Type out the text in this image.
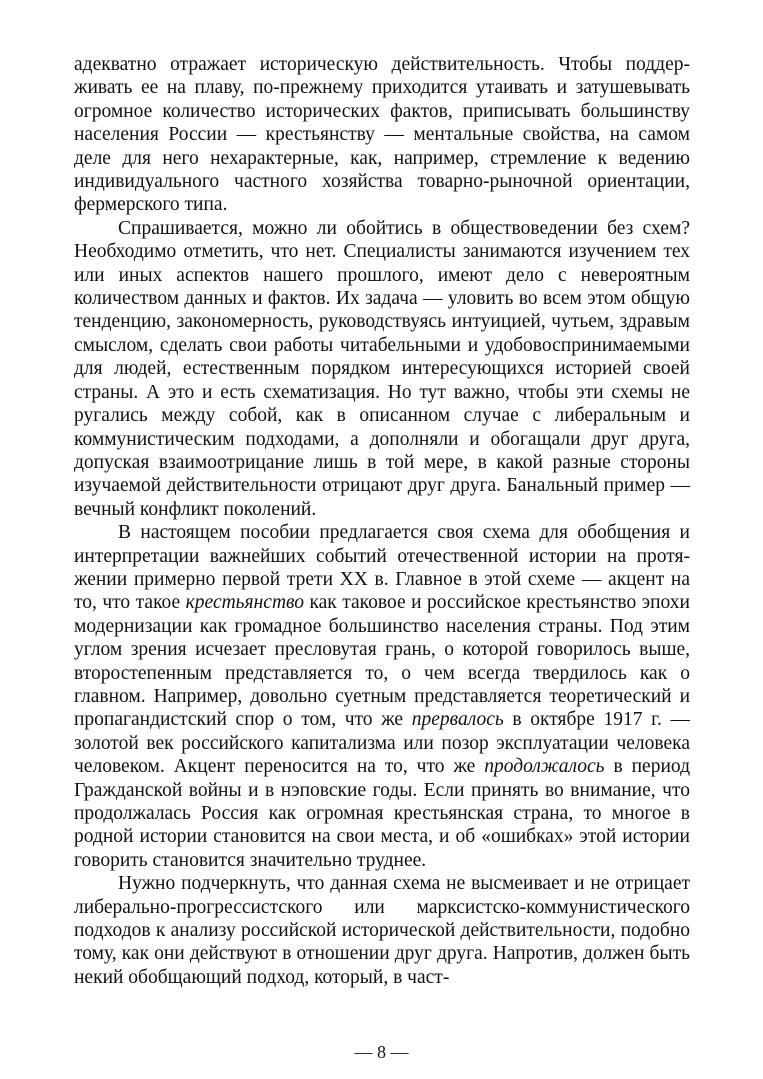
адекватно отражает историческую действительность. Чтобы поддерживать ее на плаву, по-прежнему приходится утаивать и затушевывать огромное количество исторических фактов, приписывать большинству населения России — крестьянству — ментальные свойства, на самом деле для него нехарактерные, как, например, стремление к ведению индивидуального частного хозяйства товарно-рыночной ориентации, фермерского типа.

Спрашивается, можно ли обойтись в обществоведении без схем? Необходимо отметить, что нет. Специалисты занимаются изучением тех или иных аспектов нашего прошлого, имеют дело с невероятным количеством данных и фактов. Их задача — уловить во всем этом общую тенденцию, закономерность, руководствуясь интуицией, чутьем, здравым смыслом, сделать свои работы читабельными и удобовоспринимаемыми для людей, естественным порядком интересующихся историей своей страны. А это и есть схематизация. Но тут важно, чтобы эти схемы не ругались между собой, как в описанном случае с либеральным и коммунистическим подходами, а дополняли и обогащали друг друга, допуская взаимоотрицание лишь в той мере, в какой разные стороны изучаемой действительности отрицают друг друга. Банальный пример — вечный конфликт поколений.

В настоящем пособии предлагается своя схема для обобщения и интерпретации важнейших событий отечественной истории на протяжении примерно первой трети ХХ в. Главное в этой схеме — акцент на то, что такое крестьянство как таковое и российское крестьянство эпохи модернизации как громадное большинство населения страны. Под этим углом зрения исчезает пресловутая грань, о которой говорилось выше, второстепенным представляется то, о чем всегда твердилось как о главном. Например, довольно суетным представляется теоретический и пропагандистский спор о том, что же прервалось в октябре 1917 г. — золотой век российского капитализма или позор эксплуатации человека человеком. Акцент переносится на то, что же продолжалось в период Гражданской войны и в нэповские годы. Если принять во внимание, что продолжалась Россия как огромная крестьянская страна, то многое в родной истории становится на свои места, и об «ошибках» этой истории говорить становится значительно труднее.

Нужно подчеркнуть, что данная схема не высмеивает и не отрицает либерально-прогрессистского или марксистско-коммунистического подходов к анализу российской исторической действительности, подобно тому, как они действуют в отношении друг друга. Напротив, должен быть некий обобщающий подход, который, в част-

— 8 —
